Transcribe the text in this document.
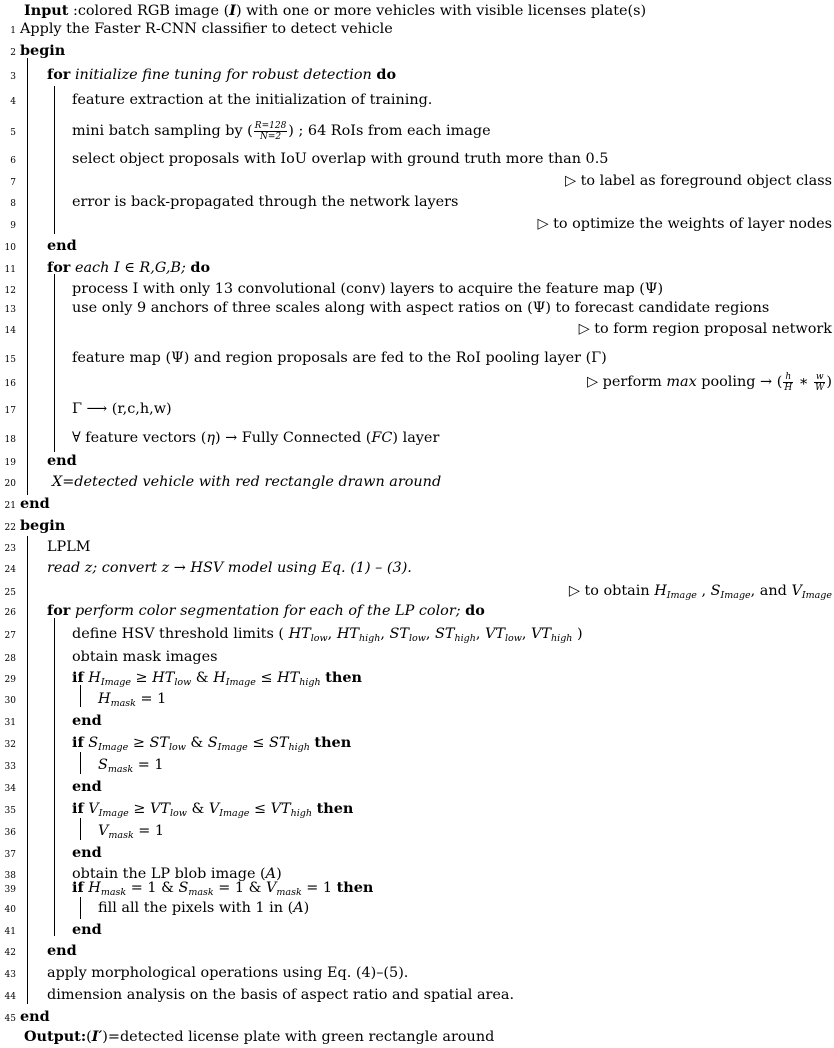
Input :colored RGB image (I) with one or more vehicles with visible licenses plate(s)
1 Apply the Faster R-CNN classifier to detect vehicle
2 begin
3 for initialize fine tuning for robust detection do
4	feature extraction at the initialization of training.
5	mini batch sampling by ( $\frac{R=128}{N=2}$ ) ; 64 RoIs from each image
6	select object proposals with IoU overlap with ground truth more than 0.5
7	▷ to label as foreground object class
8	error is back-propagated through the network layers
9	▷ to optimize the weights of layer nodes
10 end
11 for each I ∈ R,G,B; do
12	process I with only 13 convolutional (conv) layers to acquire the feature map (Ψ)
13	use only 9 anchors of three scales along with aspect ratios on (Ψ) to forecast candidate regions
14	▷ to form region proposal network
15	feature map (Ψ) and region proposals are fed to the RoI pooling layer (Γ)
16	▷ perform max pooling → ( $\frac{h}{H}$ ∗ $\frac{w}{W}$ )
17	Γ ⟶ (r,c,h,w)
18	∀ feature vectors (η) → Fully Connected (FC) layer
19 end
20	X=detected vehicle with red rectangle drawn around
21 end
22 begin
23 LPLM
24 read z; convert z → HSV model using Eq. (1) – (3).
25	▷ to obtain $H_{Image}$ , $S_{Image}$, and $V_{Image}$
26 for perform color segmentation for each of the LP color; do
27	define HSV threshold limits ( $HT_{low}$, $HT_{high}$, $ST_{low}$, $ST_{high}$, $VT_{low}$, $VT_{high}$ )
28	obtain mask images
29	if $H_{Image} \ge HT_{low}$ & $H_{Image} \le HT_{high}$ then
30	$H_{mask} = 1$
31	end
32	if $S_{Image} \ge ST_{low}$ & $S_{Image} \le ST_{high}$ then
33	$S_{mask} = 1$
34	end
35	if $V_{Image} \ge VT_{low}$ & $V_{Image} \le VT_{high}$ then
36	$V_{mask} = 1$
37	end
38	obtain the LP blob image (A)
39	if $H_{mask} = 1$ & $S_{mask} = 1$ & $V_{mask} = 1$ then
40	fill all the pixels with 1 in (A)
41	end
42 end
43 apply morphological operations using Eq. (4)–(5).
44 dimension analysis on the basis of aspect ratio and spatial area.
45 end
Output:(I′)=detected license plate with green rectangle around
